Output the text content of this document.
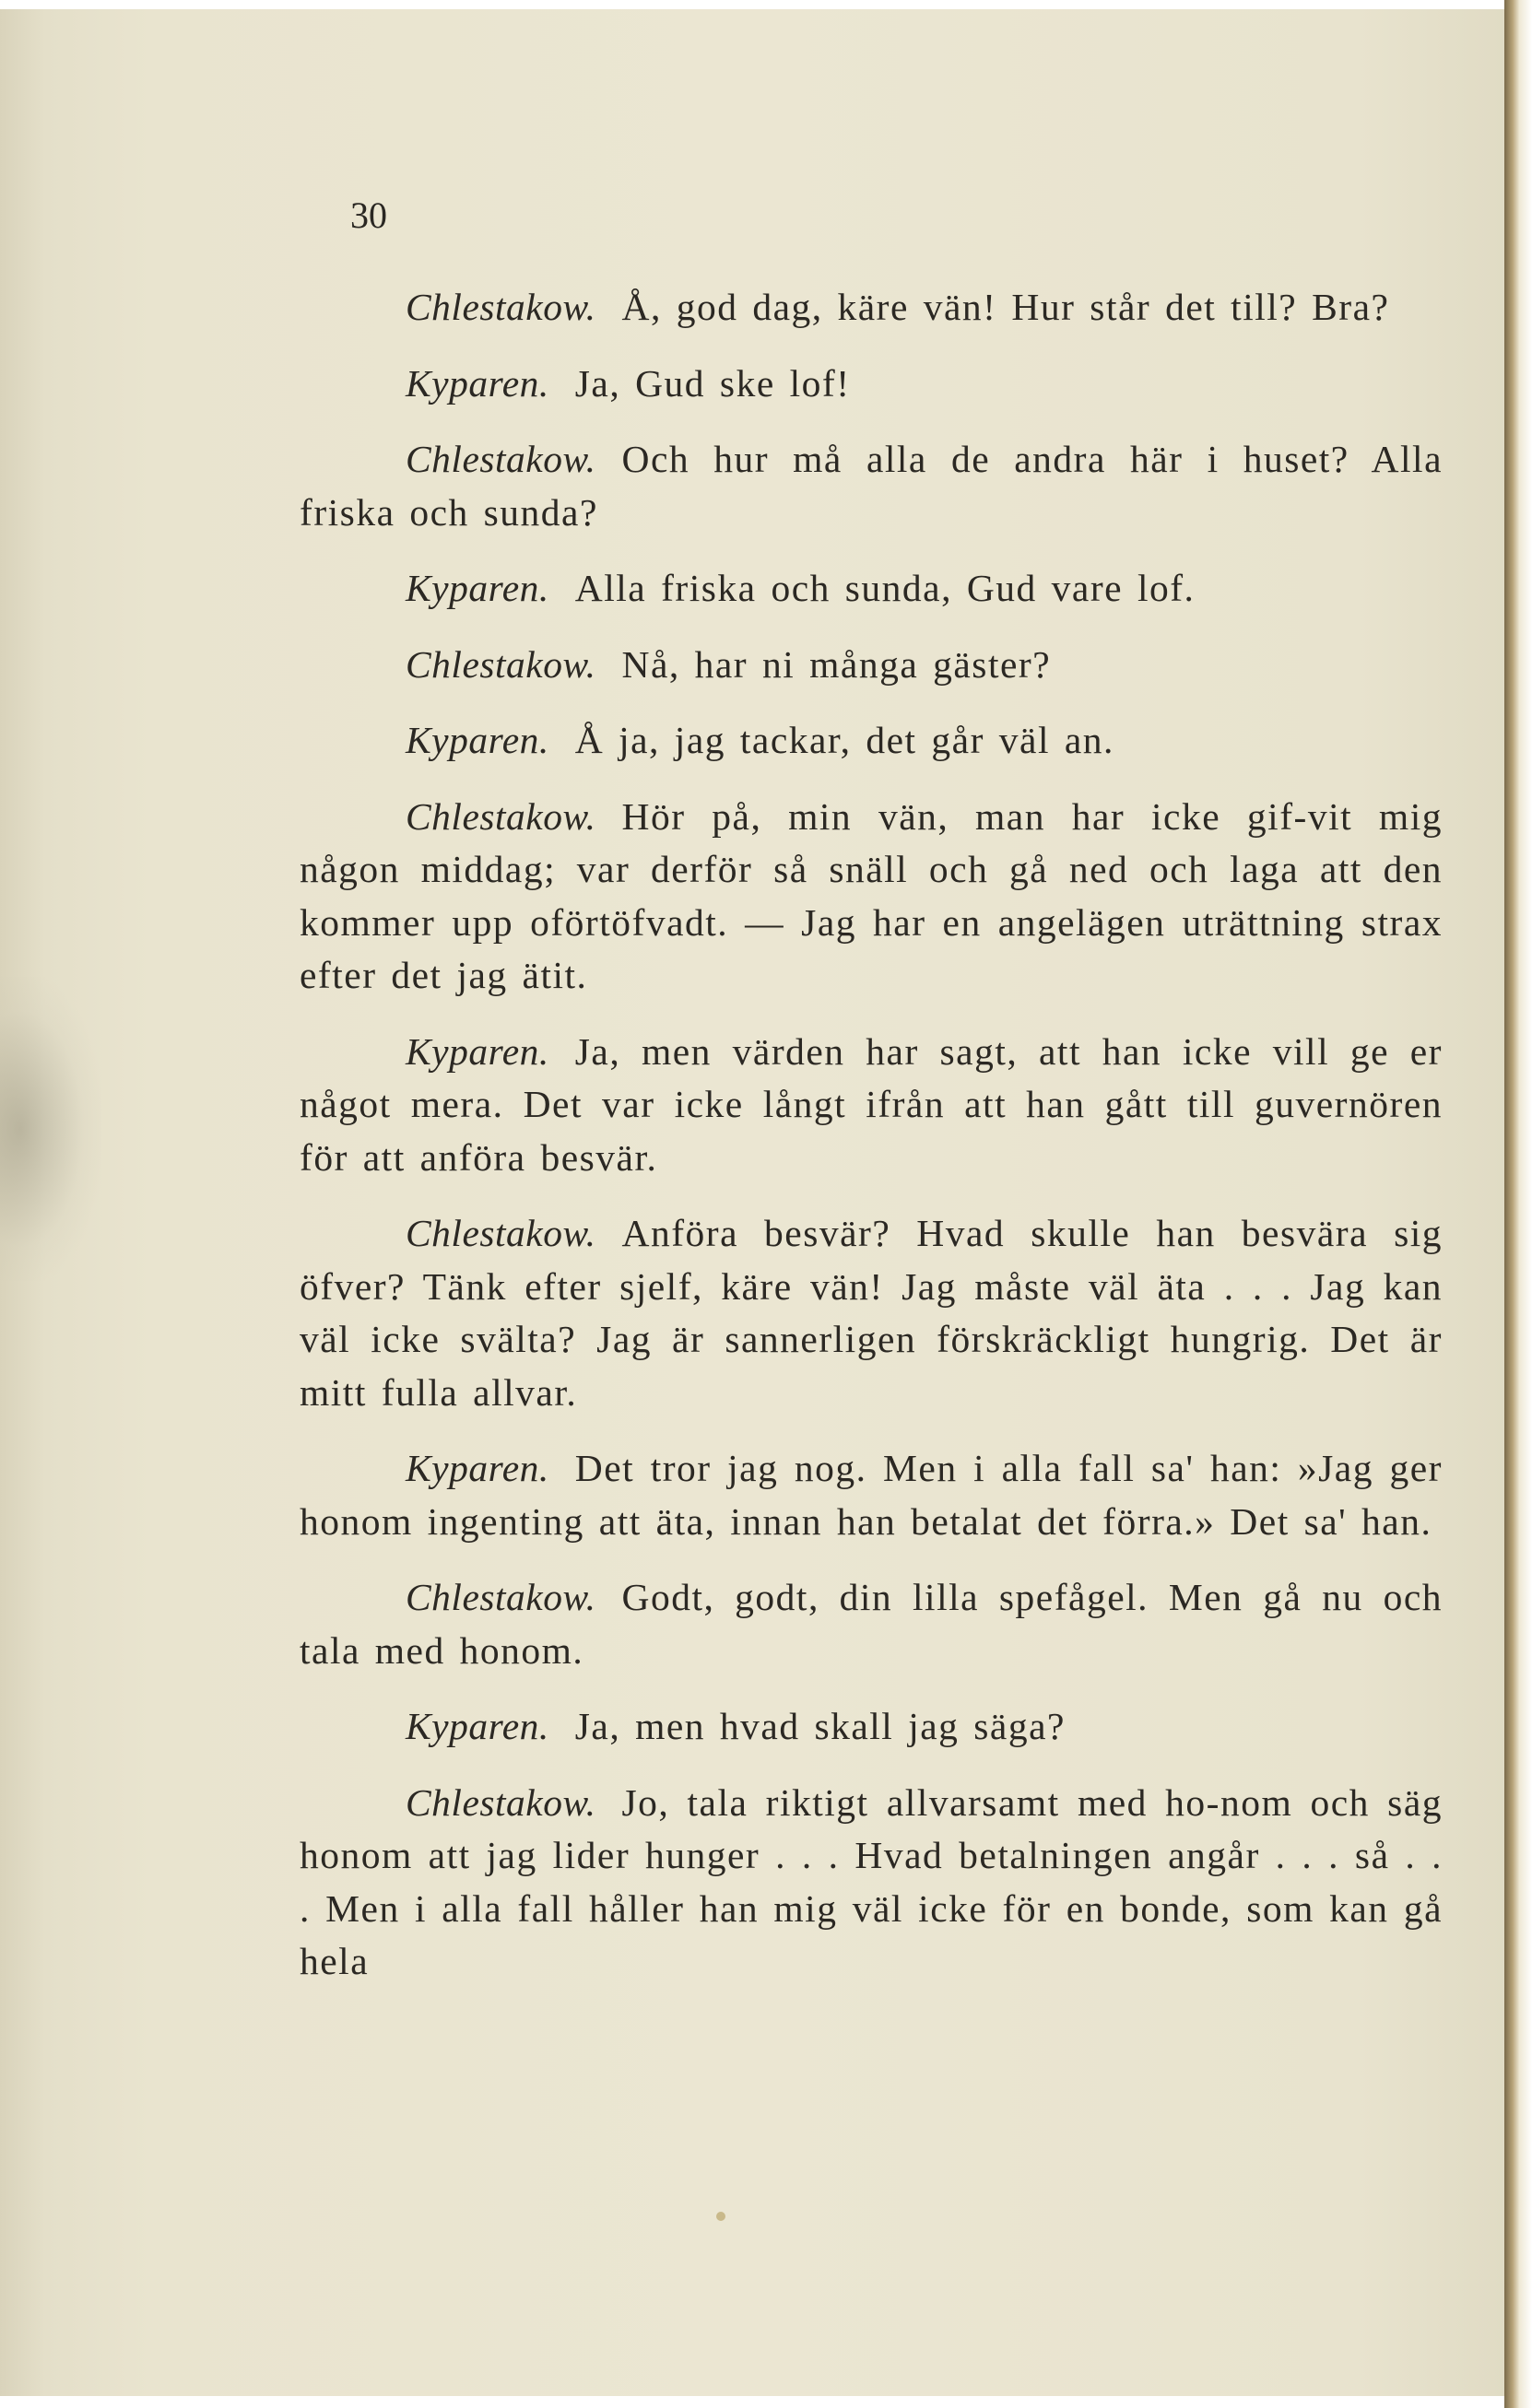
30

Chlestakow. Å, god dag, käre vän! Hur står det till? Bra?

Kyparen. Ja, Gud ske lof!

Chlestakow. Och hur må alla de andra här i huset? Alla friska och sunda?

Kyparen. Alla friska och sunda, Gud vare lof.

Chlestakow. Nå, har ni många gäster?

Kyparen. Å ja, jag tackar, det går väl an.

Chlestakow. Hör på, min vän, man har icke gif-vit mig någon middag; var derför så snäll och gå ned och laga att den kommer upp oförtöfvadt. — Jag har en angelägen uträttning strax efter det jag ätit.

Kyparen. Ja, men värden har sagt, att han icke vill ge er något mera. Det var icke långt ifrån att han gått till guvernören för att anföra besvär.

Chlestakow. Anföra besvär? Hvad skulle han besvära sig öfver? Tänk efter sjelf, käre vän! Jag måste väl äta . . . Jag kan väl icke svälta? Jag är sannerligen förskräckligt hungrig. Det är mitt fulla allvar.

Kyparen. Det tror jag nog. Men i alla fall sa' han: »Jag ger honom ingenting att äta, innan han betalat det förra.» Det sa' han.

Chlestakow. Godt, godt, din lilla spefågel. Men gå nu och tala med honom.

Kyparen. Ja, men hvad skall jag säga?

Chlestakow. Jo, tala riktigt allvarsamt med ho-nom och säg honom att jag lider hunger . . . Hvad betalningen angår . . . så . . . Men i alla fall håller han mig väl icke för en bonde, som kan gå hela
